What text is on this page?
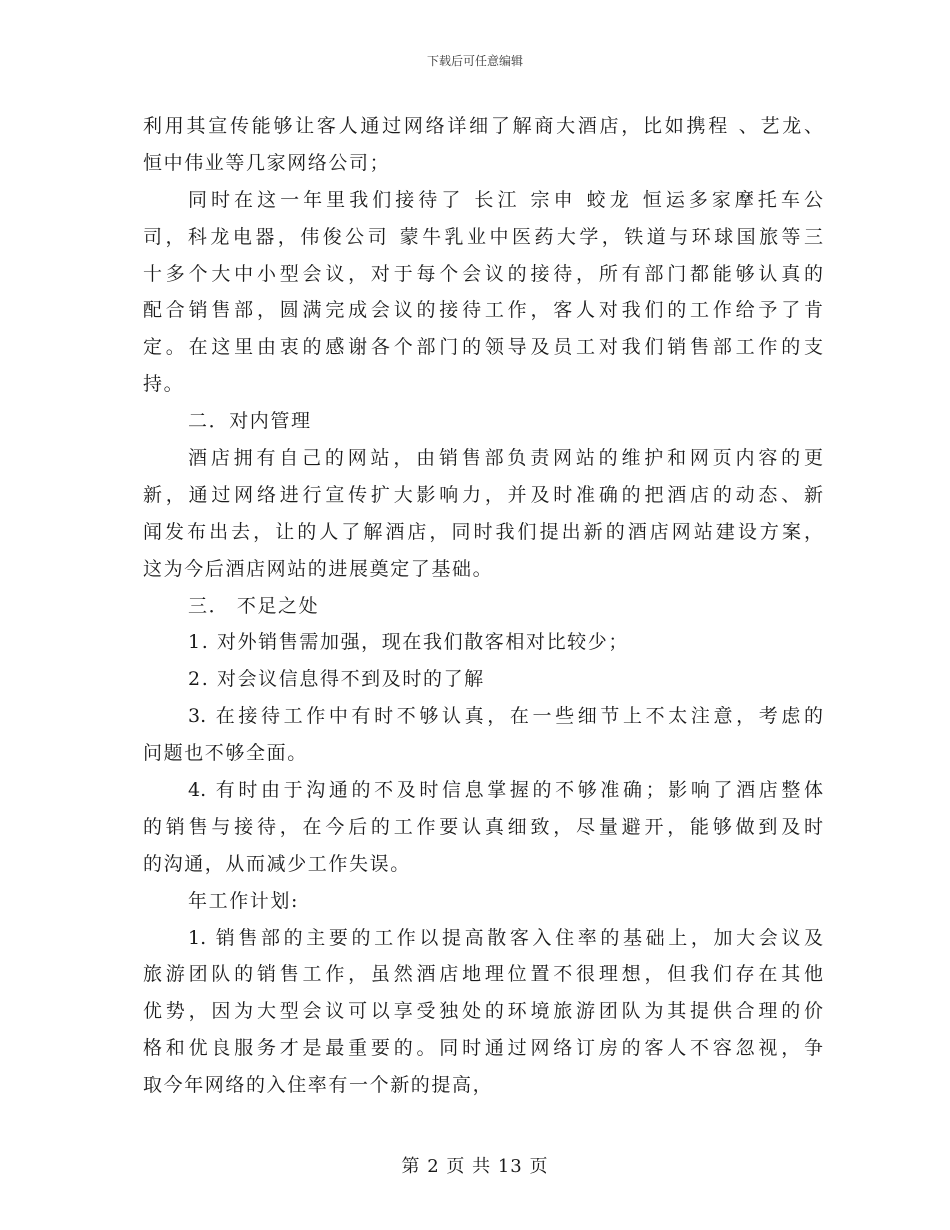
下载后可任意编辑
利用其宣传能够让客人通过网络详细了解商大酒店，比如携程 、艺龙、
恒中伟业等几家网络公司；
同时在这一年里我们接待了 长江 宗申 蛟龙 恒运多家摩托车公
司，科龙电器，伟俊公司 蒙牛乳业中医药大学，铁道与环球国旅等三
十多个大中小型会议，对于每个会议的接待，所有部门都能够认真的
配合销售部，圆满完成会议的接待工作，客人对我们的工作给予了肯
定。在这里由衷的感谢各个部门的领导及员工对我们销售部工作的支
持。
二．对内管理
酒店拥有自己的网站，由销售部负责网站的维护和网页内容的更
新，通过网络进行宣传扩大影响力，并及时准确的把酒店的动态、新
闻发布出去，让的人了解酒店，同时我们提出新的酒店网站建设方案，
这为今后酒店网站的进展奠定了基础。
三． 不足之处
1. 对外销售需加强，现在我们散客相对比较少；
2. 对会议信息得不到及时的了解
3. 在接待工作中有时不够认真，在一些细节上不太注意，考虑的
问题也不够全面。
4. 有时由于沟通的不及时信息掌握的不够准确；影响了酒店整体
的销售与接待，在今后的工作要认真细致，尽量避开，能够做到及时
的沟通，从而减少工作失误。
年工作计划:
1. 销售部的主要的工作以提高散客入住率的基础上，加大会议及
旅游团队的销售工作，虽然酒店地理位置不很理想，但我们存在其他
优势，因为大型会议可以享受独处的环境旅游团队为其提供合理的价
格和优良服务才是最重要的。同时通过网络订房的客人不容忽视，争
取今年网络的入住率有一个新的提高，
第 2 页 共 13 页
